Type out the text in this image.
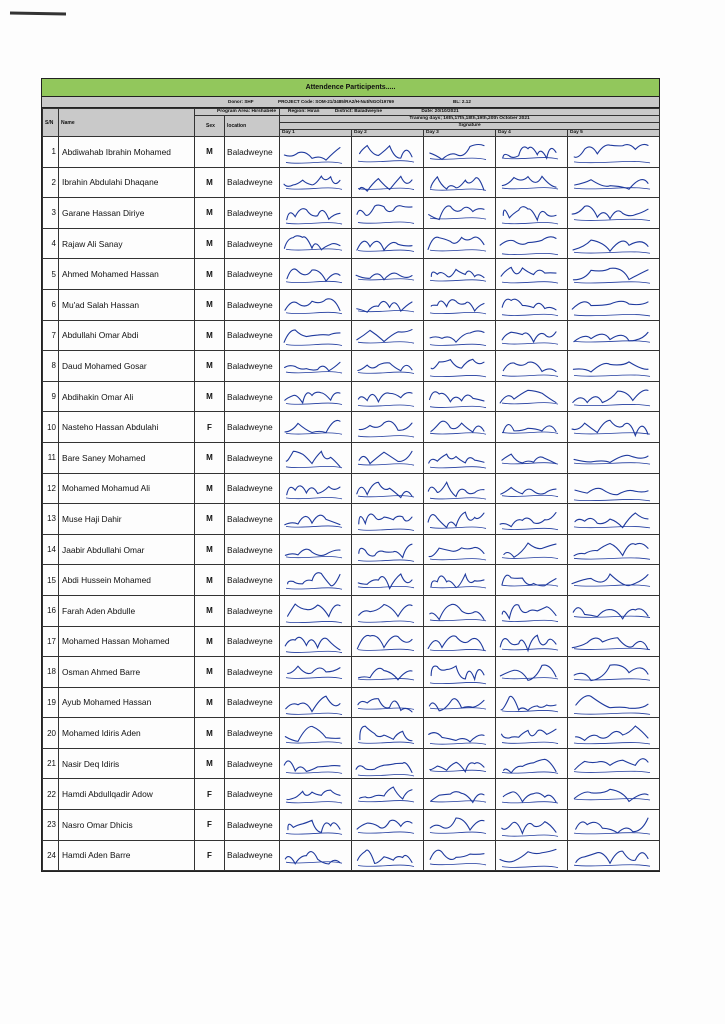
Attendence Participents.....
Donor: SHF	PROJECT Code: SOM-21/3485/RA2/H-Nut/NGO/19769	BL: 2.12
S/N	Name	Program Area: Hirshabele		Region: Hiran District: Baladweyne Date: 20/10/2021				
		Sex	location	Training days; 16th,17th,18th,19th,20th October 2021				
				Signature				
				Day 1	Day 2	Day 3	Day 4	Day 5
1	Abdiwahab Ibrahin Mohamed	M	Baladweyne	

2	Ibrahin Abdulahi Dhaqane	M	Baladweyne	

3	Garane Hassan Diriye	M	Baladweyne	

4	Rajaw Ali Sanay	M	Baladweyne	

5	Ahmed Mohamed Hassan	M	Baladweyne	

6	Mu'ad Salah Hassan	M	Baladweyne	

7	Abdullahi Omar Abdi	M	Baladweyne	

8	Daud Mohamed Gosar	M	Baladweyne	

9	Abdihakin Omar Ali	M	Baladweyne	

10	Nasteho Hassan Abdulahi	F	Baladweyne	

11	Bare Saney Mohamed	M	Baladweyne	

12	Mohamed Mohamud Ali	M	Baladweyne	

13	Muse Haji Dahir	M	Baladweyne	

14	Jaabir Abdullahi Omar	M	Baladweyne	

15	Abdi Hussein Mohamed	M	Baladweyne	

16	Farah Aden Abdulle	M	Baladweyne	

17	Mohamed Hassan Mohamed	M	Baladweyne	

18	Osman Ahmed Barre	M	Baladweyne	

19	Ayub Mohamed Hassan	M	Baladweyne	

20	Mohamed Idiris Aden	M	Baladweyne	

21	Nasir Deq Idiris	M	Baladweyne	

22	Hamdi Abdullqadir Adow	F	Baladweyne	

23	Nasro Omar Dhicis	F	Baladweyne	

24	Hamdi Aden Barre	F	Baladweyne	
